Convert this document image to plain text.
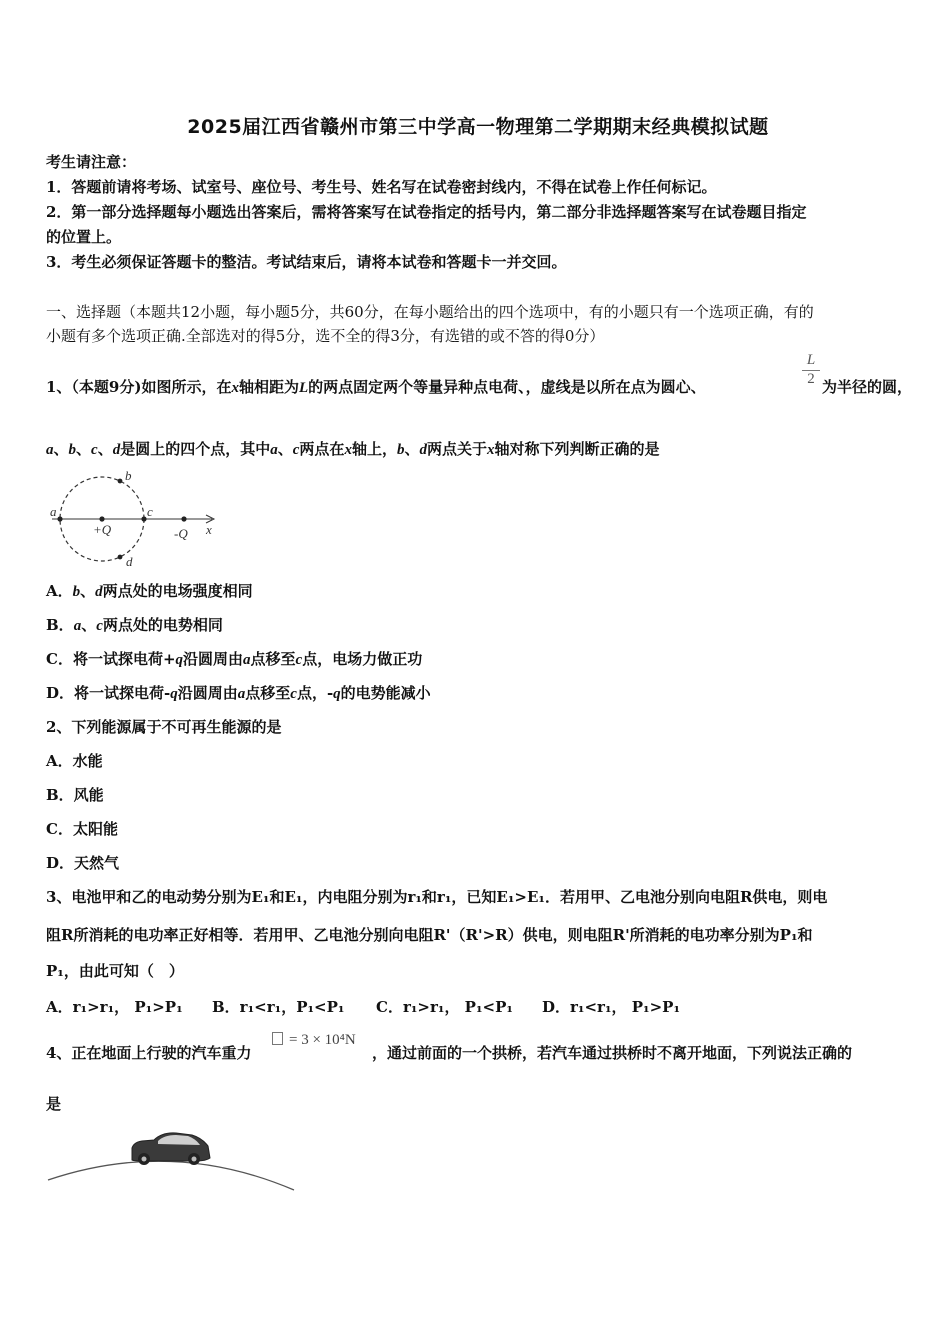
2025届江西省赣州市第三中学高一物理第二学期期末经典模拟试题
考生请注意：
1．答题前请将考场、试室号、座位号、考生号、姓名写在试卷密封线内，不得在试卷上作任何标记。
2．第一部分选择题每小题选出答案后，需将答案写在试卷指定的括号内，第二部分非选择题答案写在试卷题目指定
的位置上。
3．考生必须保证答题卡的整洁。考试结束后，请将本试卷和答题卡一并交回。
一、选择题（本题共12小题，每小题5分，共60分，在每小题给出的四个选项中，有的小题只有一个选项正确，有的
小题有多个选项正确.全部选对的得5分，选不全的得3分，有选错的或不答的得0分）
1、（本题9分)如图所示，在x轴相距为L的两点固定两个等量异种点电荷、，虚线是以所在点为圆心、	$\frac{L}{2}$ 为半径的圆，
a、b、c、d是圆上的四个点，其中a、c两点在x轴上，b、d两点关于x轴对称下列判断正确的是
a
b
c
d
+Q	-Q x
A．b、d两点处的电场强度相同
B．a、c两点处的电势相同
C．将一试探电荷+q沿圆周由a点移至c点，电场力做正功
D．将一试探电荷-q沿圆周由a点移至c点，-q的电势能减小
2、下列能源属于不可再生能源的是
A．水能
B．风能
C．太阳能
D．天然气
3、电池甲和乙的电动势分别为E₁和E₁，内电阻分别为r₁和r₁，已知E₁>E₁．若用甲、乙电池分别向电阻R供电，则电
阻R所消耗的电功率正好相等．若用甲、乙电池分别向电阻R'（R'>R）供电，则电阻R'所消耗的电功率分别为P₁和
P₁，由此可知（　）
A．r₁>r₁， P₁>P₁ B．r₁<r₁，P₁<P₁ C．r₁>r₁， P₁<P₁ D．r₁<r₁， P₁>P₁
4、正在地面上行驶的汽车重力
= 3 × 10⁴N
，通过前面的一个拱桥，若汽车通过拱桥时不离开地面，下列说法正确的
是
